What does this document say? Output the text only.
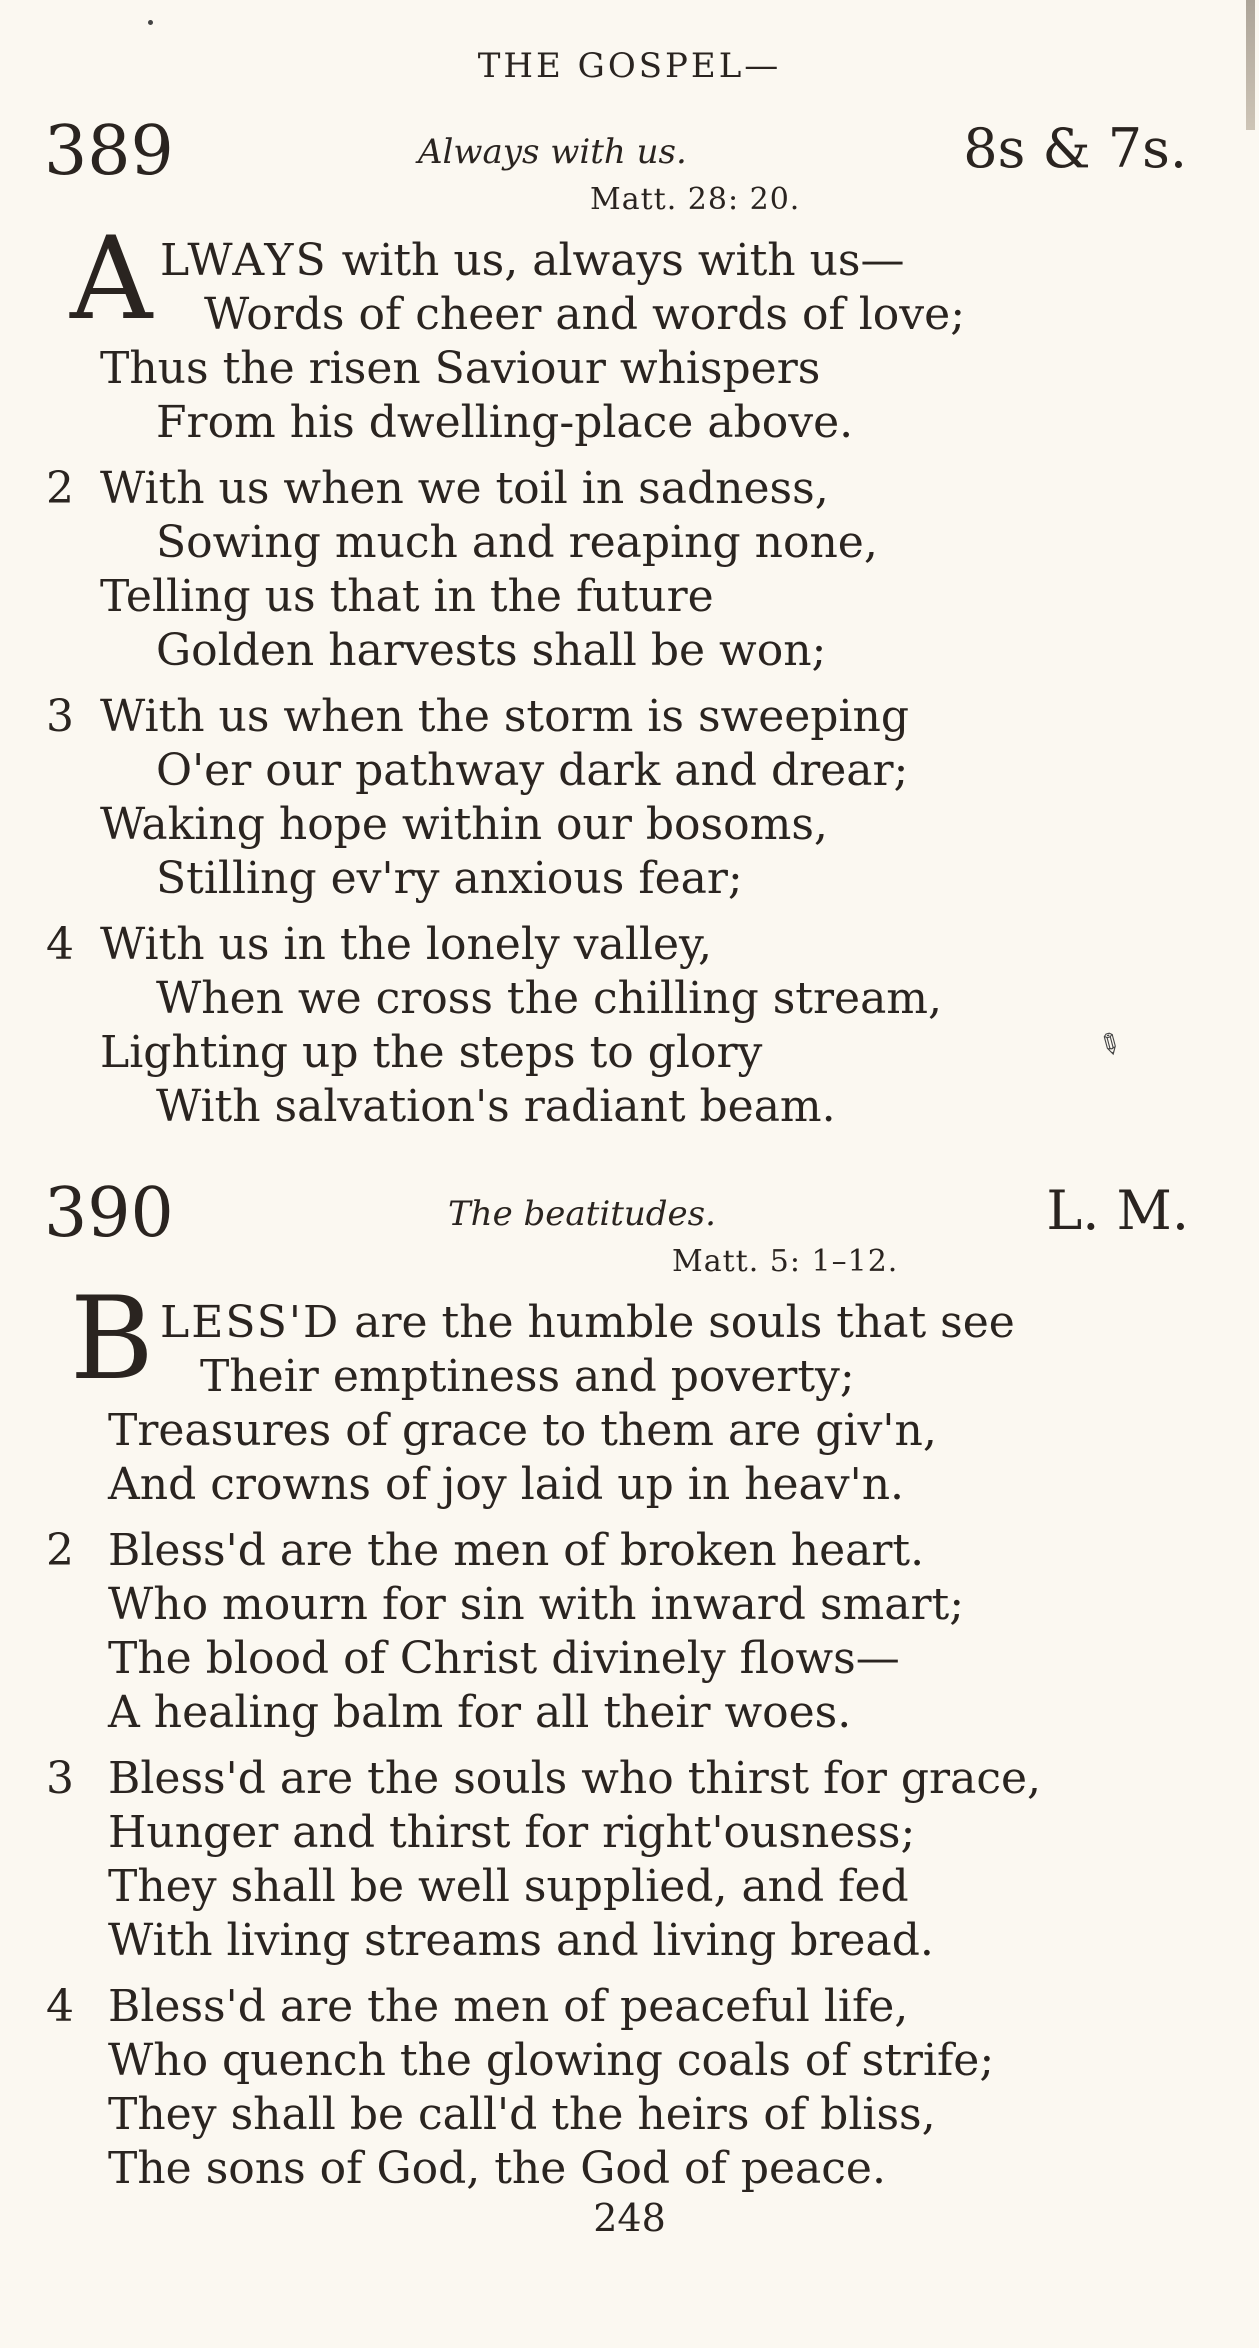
THE GOSPEL—
389	Always with us.	8s & 7s.
Matt. 28: 20.
A LWAYS with us, always with us—
Words of cheer and words of love;
Thus the risen Saviour whispers
From his dwelling-place above.
2 With us when we toil in sadness,
Sowing much and reaping none,
Telling us that in the future
Golden harvests shall be won;
3 With us when the storm is sweeping
O'er our pathway dark and drear;
Waking hope within our bosoms,
Stilling ev'ry anxious fear;
4 With us in the lonely valley,
When we cross the chilling stream,
Lighting up the steps to glory
With salvation's radiant beam.
✎
390	The beatitudes.	L. M.
Matt. 5: 1–12.
B LESS'D are the humble souls that see
Their emptiness and poverty;
Treasures of grace to them are giv'n,
And crowns of joy laid up in heav'n.
2 Bless'd are the men of broken heart.
Who mourn for sin with inward smart;
The blood of Christ divinely flows—
A healing balm for all their woes.
3 Bless'd are the souls who thirst for grace,
Hunger and thirst for right'ousness;
They shall be well supplied, and fed
With living streams and living bread.
4 Bless'd are the men of peaceful life,
Who quench the glowing coals of strife;
They shall be call'd the heirs of bliss,
The sons of God, the God of peace.
248
